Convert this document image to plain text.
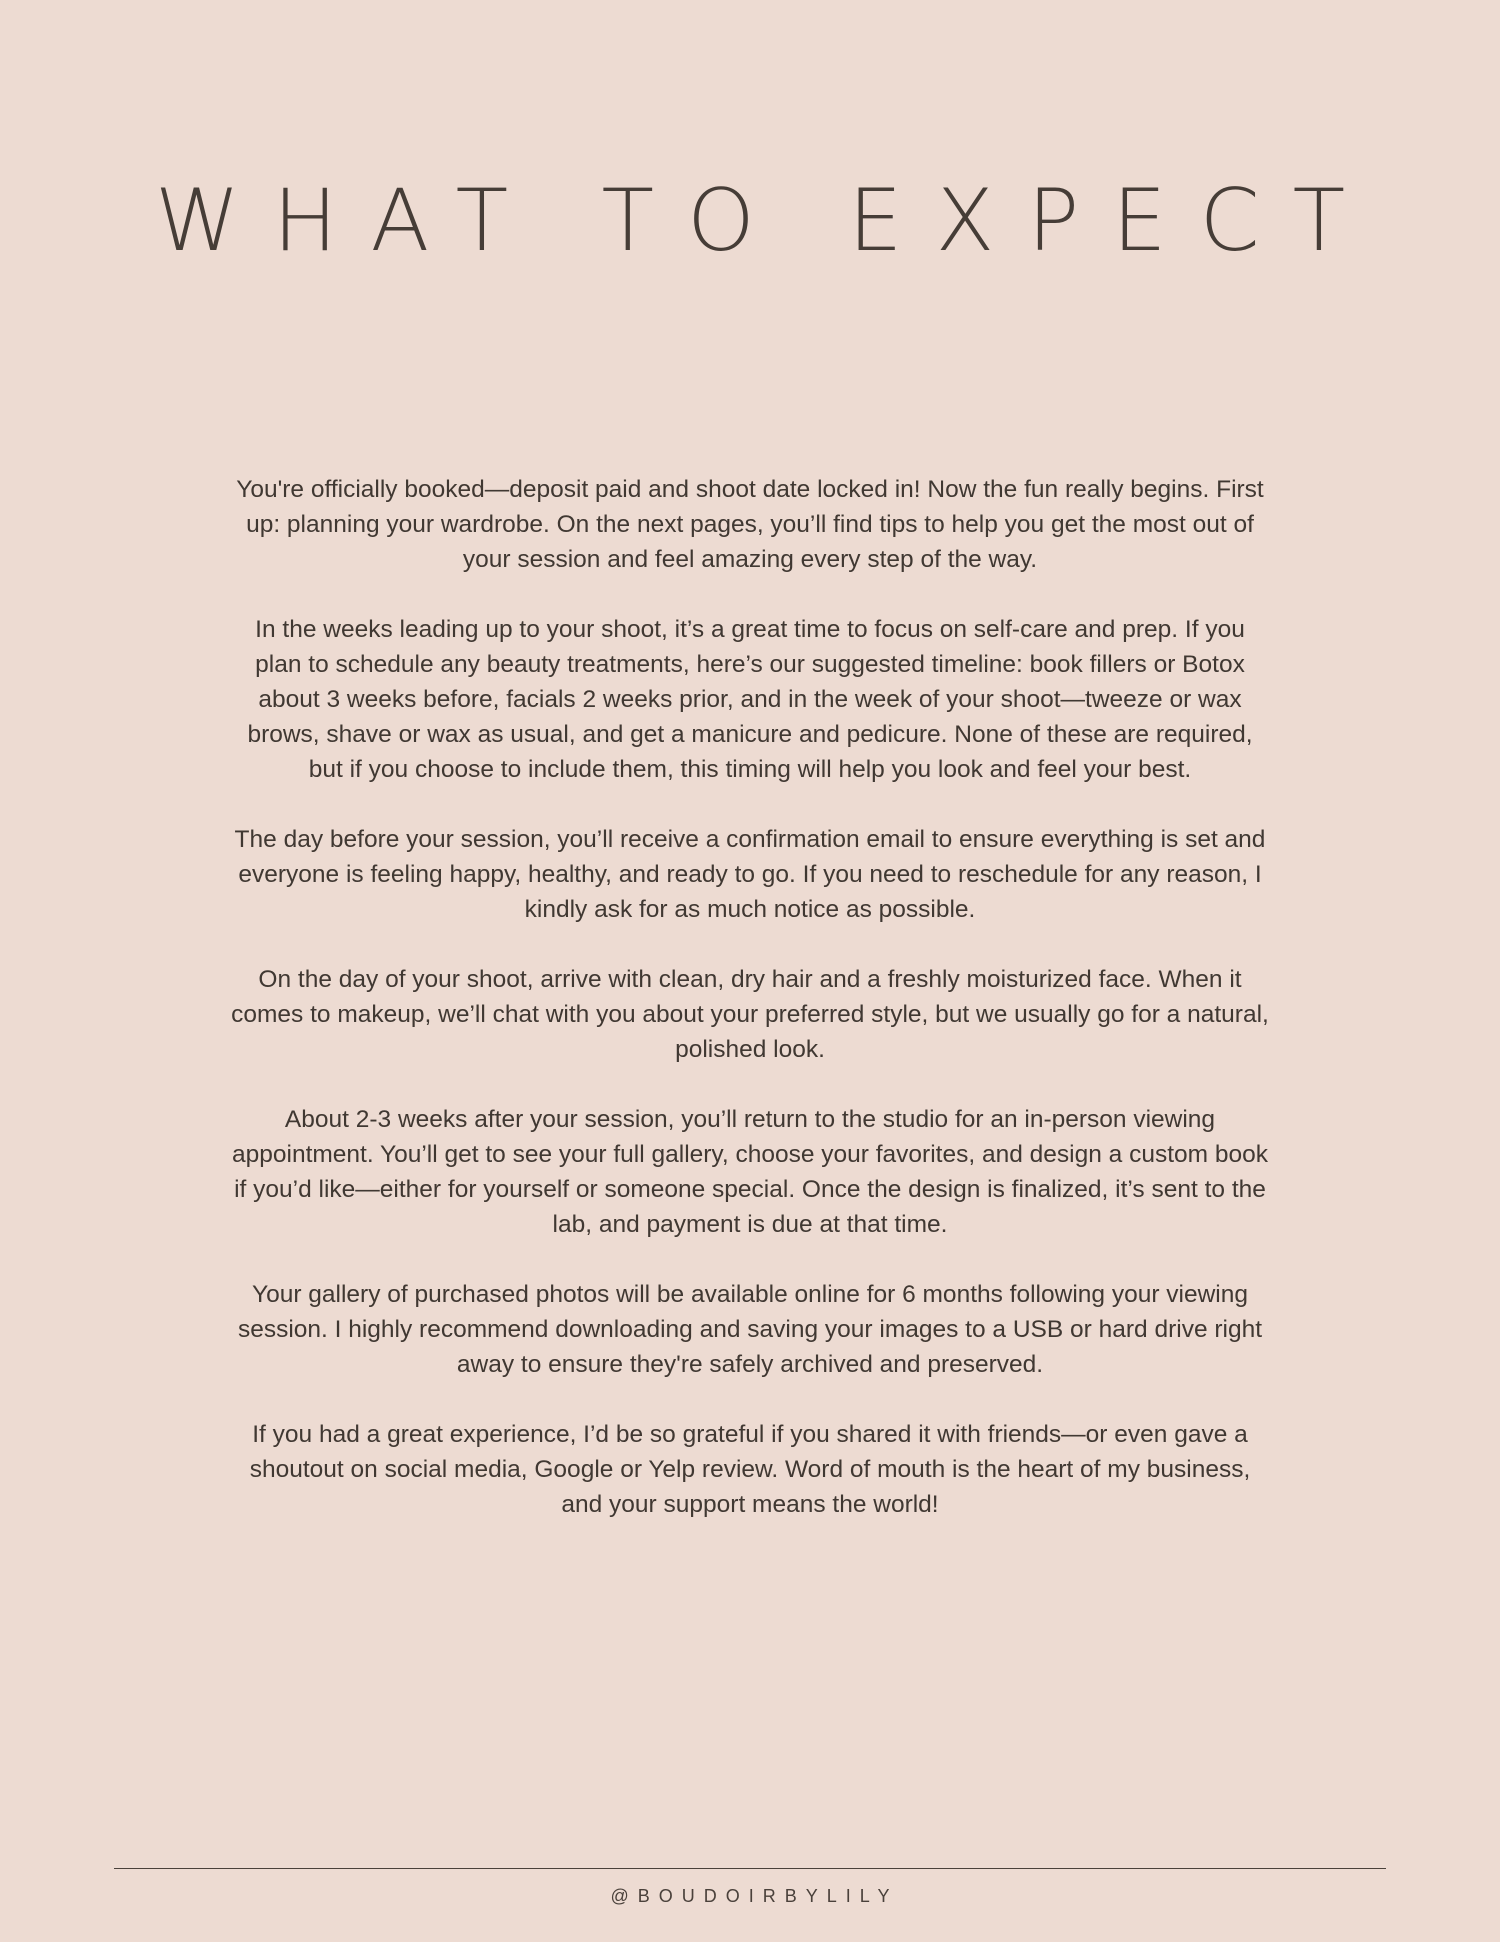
WHAT TO EXPECT

You're officially booked—deposit paid and shoot date locked in! Now the fun really begins. First up: planning your wardrobe. On the next pages, you’ll find tips to help you get the most out of your session and feel amazing every step of the way.

In the weeks leading up to your shoot, it’s a great time to focus on self-care and prep. If you plan to schedule any beauty treatments, here’s our suggested timeline: book fillers or Botox about 3 weeks before, facials 2 weeks prior, and in the week of your shoot—tweeze or wax brows, shave or wax as usual, and get a manicure and pedicure. None of these are required, but if you choose to include them, this timing will help you look and feel your best.

The day before your session, you’ll receive a confirmation email to ensure everything is set and everyone is feeling happy, healthy, and ready to go. If you need to reschedule for any reason, I kindly ask for as much notice as possible.

On the day of your shoot, arrive with clean, dry hair and a freshly moisturized face. When it comes to makeup, we’ll chat with you about your preferred style, but we usually go for a natural, polished look.

About 2-3 weeks after your session, you’ll return to the studio for an in-person viewing appointment. You’ll get to see your full gallery, choose your favorites, and design a custom book if you’d like—either for yourself or someone special. Once the design is finalized, it’s sent to the lab, and payment is due at that time.

Your gallery of purchased photos will be available online for 6 months following your viewing session. I highly recommend downloading and saving your images to a USB or hard drive right away to ensure they're safely archived and preserved.

If you had a great experience, I’d be so grateful if you shared it with friends—or even gave a shoutout on social media, Google or Yelp review. Word of mouth is the heart of my business, and your support means the world!

@BOUDOIRBYLILY
